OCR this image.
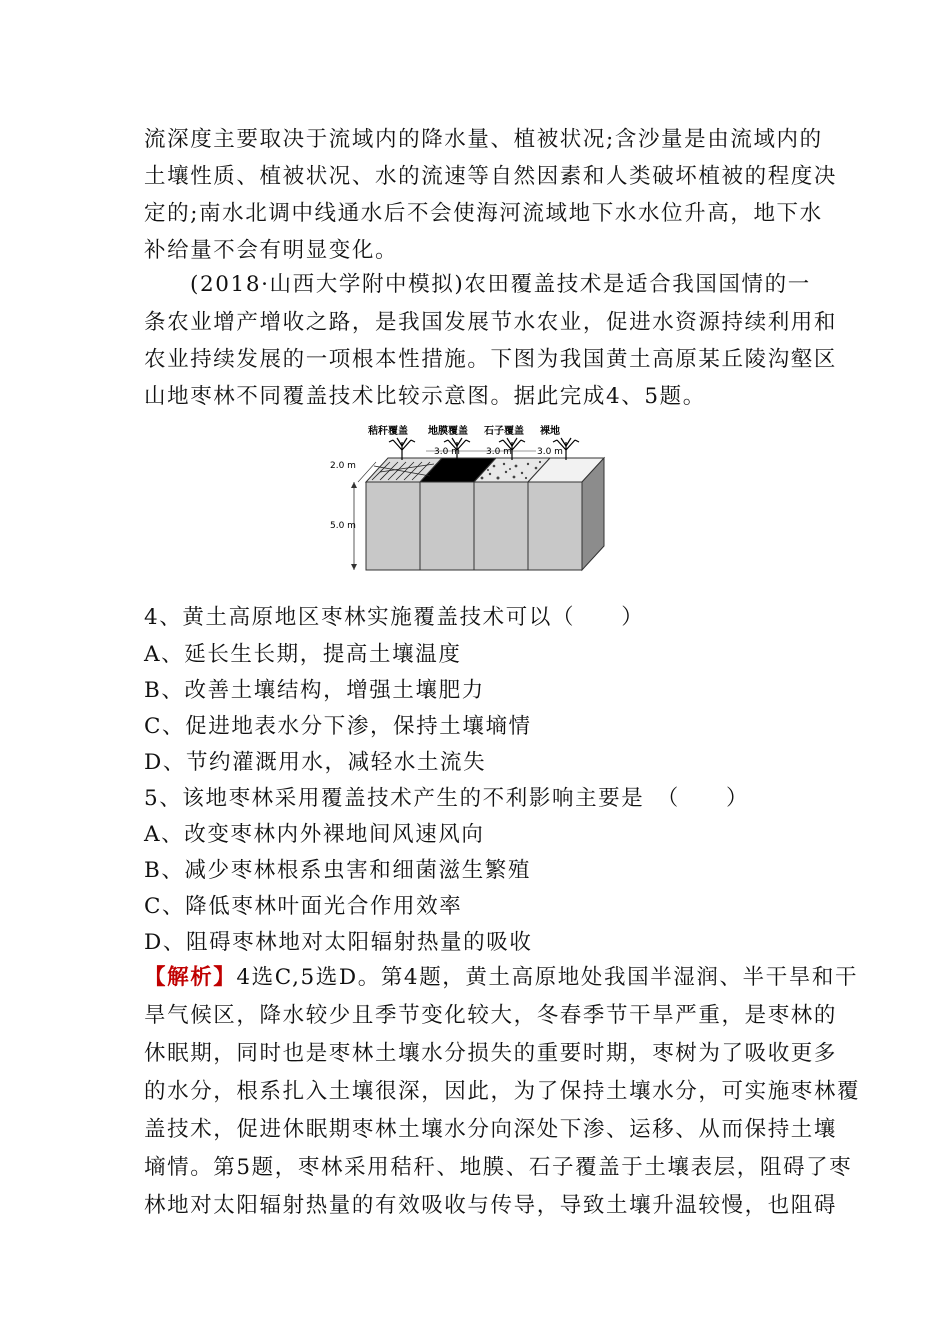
流深度主要取决于流域内的降水量、植被状况;含沙量是由流域内的
土壤性质、植被状况、水的流速等自然因素和人类破坏植被的程度决
定的;南水北调中线通水后不会使海河流域地下水水位升高，地下水
补给量不会有明显变化。
(2018·山西大学附中模拟)农田覆盖技术是适合我国国情的一
条农业增产增收之路，是我国发展节水农业，促进水资源持续利用和
农业持续发展的一项根本性措施。下图为我国黄土高原某丘陵沟壑区
山地枣林不同覆盖技术比较示意图。据此完成4、5题。
秸秆覆盖 地膜覆盖 石子覆盖 裸地
3.0 m	3.0 m	3.0 m
2.0 m
5.0 m
4、黄土高原地区枣林实施覆盖技术可以（　　）
A、延长生长期，提高土壤温度
B、改善土壤结构，增强土壤肥力
C、促进地表水分下渗，保持土壤墒情
D、节约灌溉用水，减轻水土流失
5、该地枣林采用覆盖技术产生的不利影响主要是　（　　）
A、改变枣林内外裸地间风速风向
B、减少枣林根系虫害和细菌滋生繁殖
C、降低枣林叶面光合作用效率
D、阻碍枣林地对太阳辐射热量的吸收
【解析】4选C,5选D。第4题，黄土高原地处我国半湿润、半干旱和干
旱气候区，降水较少且季节变化较大，冬春季节干旱严重，是枣林的
休眠期，同时也是枣林土壤水分损失的重要时期，枣树为了吸收更多
的水分，根系扎入土壤很深，因此，为了保持土壤水分，可实施枣林覆
盖技术，促进休眠期枣林土壤水分向深处下渗、运移、从而保持土壤
墒情。第5题，枣林采用秸秆、地膜、石子覆盖于土壤表层，阻碍了枣
林地对太阳辐射热量的有效吸收与传导，导致土壤升温较慢，也阻碍
